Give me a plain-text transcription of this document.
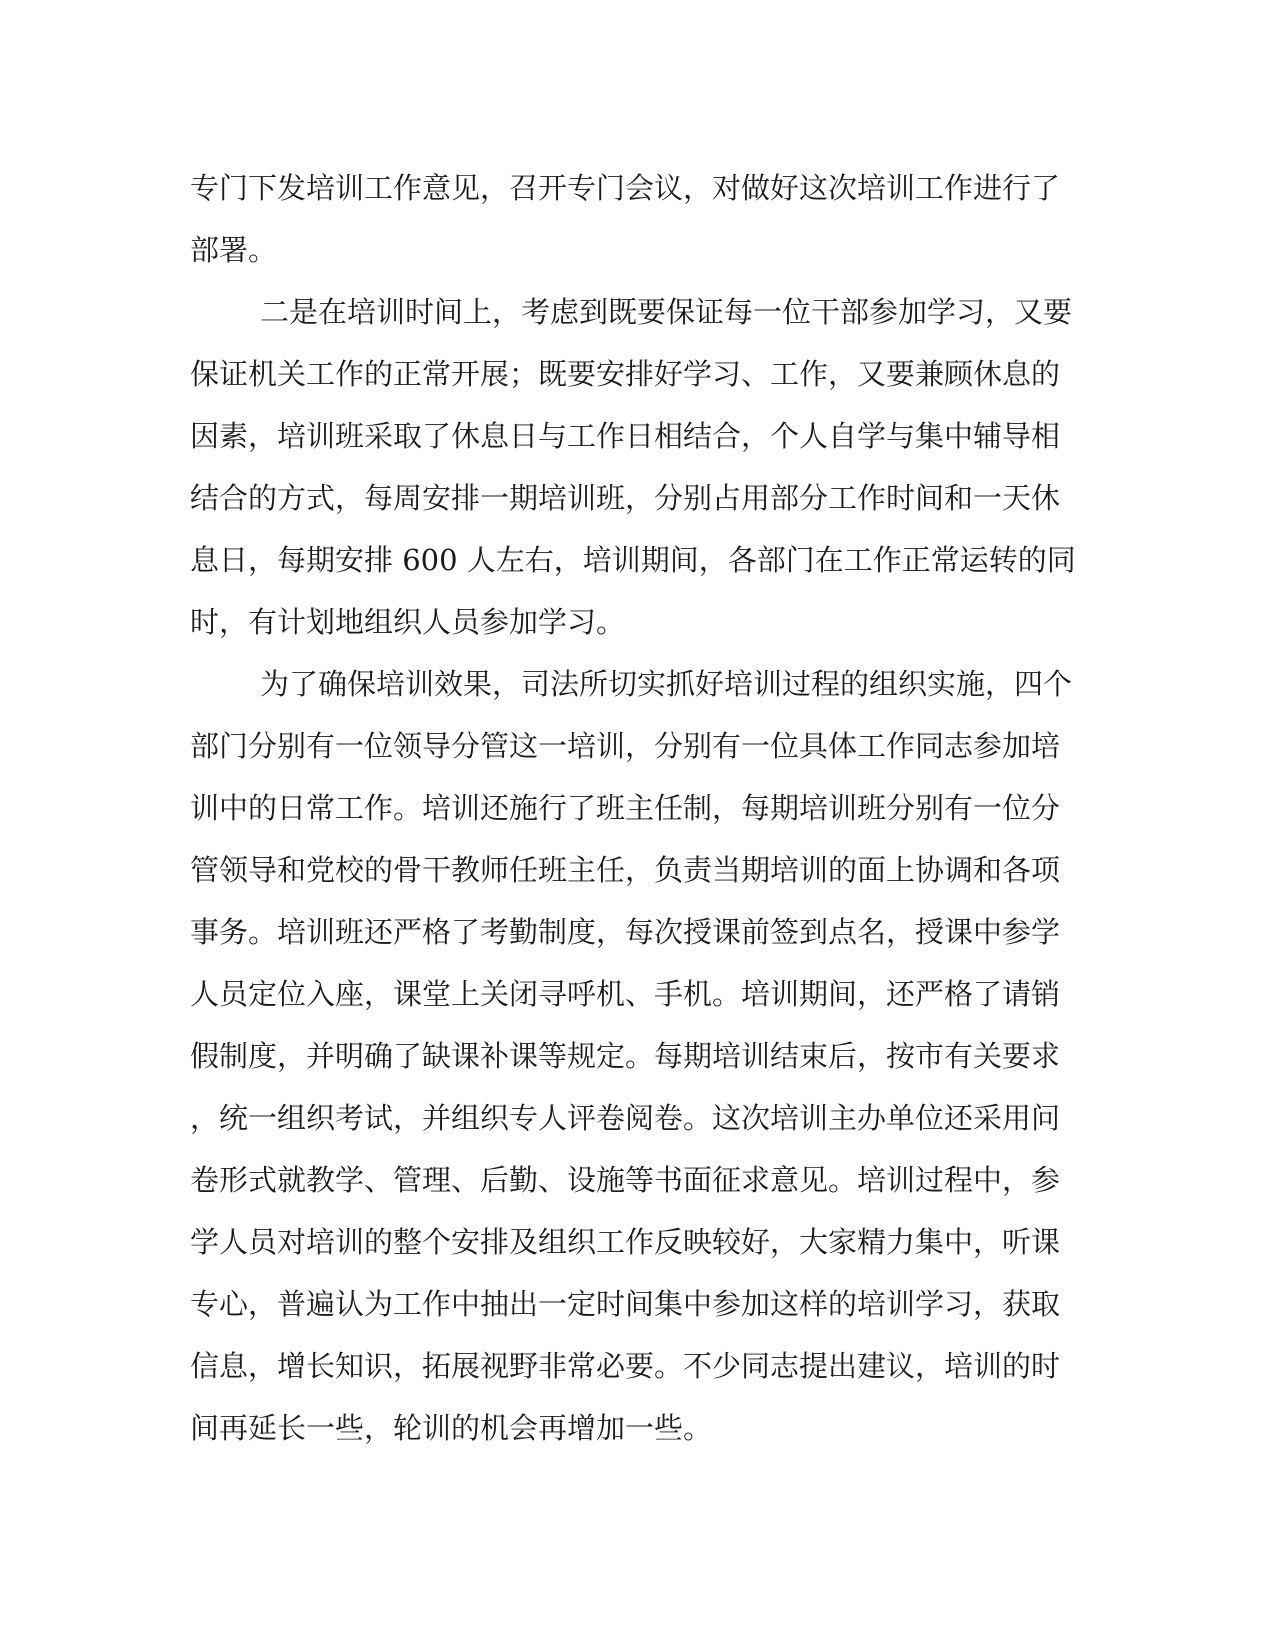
专门下发培训工作意见，召开专门会议，对做好这次培训工作进行了
部署。
二是在培训时间上，考虑到既要保证每一位干部参加学习，又要
保证机关工作的正常开展；既要安排好学习、工作，又要兼顾休息的
因素，培训班采取了休息日与工作日相结合，个人自学与集中辅导相
结合的方式，每周安排一期培训班，分别占用部分工作时间和一天休
息日，每期安排 600 人左右，培训期间，各部门在工作正常运转的同
时，有计划地组织人员参加学习。
为了确保培训效果，司法所切实抓好培训过程的组织实施，四个
部门分别有一位领导分管这一培训，分别有一位具体工作同志参加培
训中的日常工作。培训还施行了班主任制，每期培训班分别有一位分
管领导和党校的骨干教师任班主任，负责当期培训的面上协调和各项
事务。培训班还严格了考勤制度，每次授课前签到点名，授课中参学
人员定位入座，课堂上关闭寻呼机、手机。培训期间，还严格了请销
假制度，并明确了缺课补课等规定。每期培训结束后，按市有关要求
，统一组织考试，并组织专人评卷阅卷。这次培训主办单位还采用问
卷形式就教学、管理、后勤、设施等书面征求意见。培训过程中，参
学人员对培训的整个安排及组织工作反映较好，大家精力集中，听课
专心，普遍认为工作中抽出一定时间集中参加这样的培训学习，获取
信息，增长知识，拓展视野非常必要。不少同志提出建议，培训的时
间再延长一些，轮训的机会再增加一些。
